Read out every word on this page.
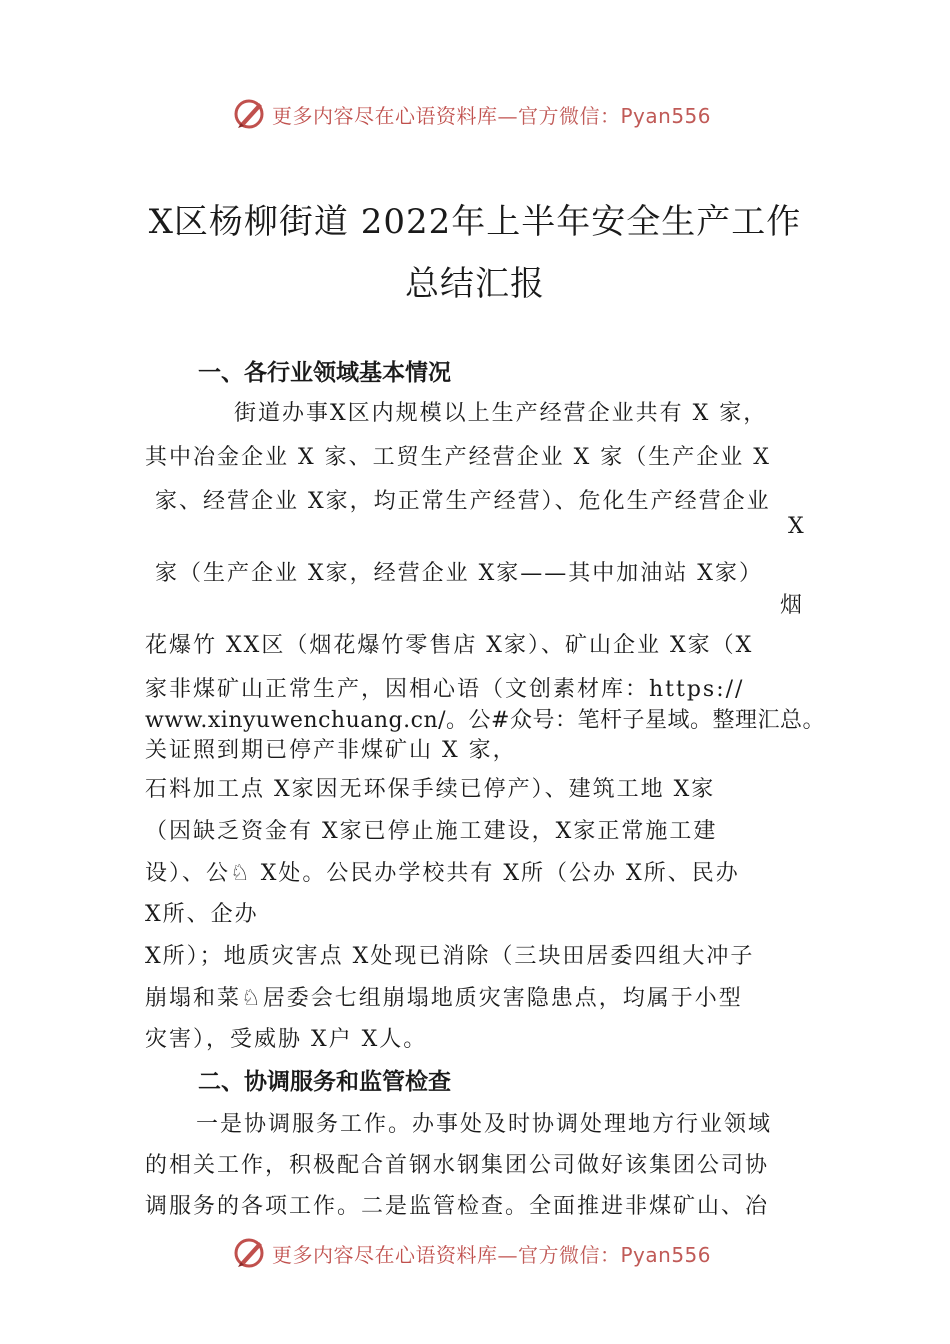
更多内容尽在心语资料库—官方微信：Pyan556
X区杨柳街道 2022年上半年安全生产工作
总结汇报
一、各行业领域基本情况
街道办事X区内规模以上生产经营企业共有 X 家，
其中冶金企业 X 家、工贸生产经营企业 X 家（生产企业 X
家、经营企业 X家，均正常生产经营）、危化生产经营企业
X
家（生产企业 X家，经营企业 X家——其中加油站 X家）
烟
花爆竹 XX区（烟花爆竹零售店 X家）、矿山企业 X家（X
家非煤矿山正常生产，因相心语（文创素材库：https://
www.xinyuwenchuang.cn/。公#众号：笔杆子星域。整理汇总。
关证照到期已停产非煤矿山 X 家，
石料加工点 X家因无环保手续已停产）、建筑工地 X家
（因缺乏资金有 X家已停止施工建设，X家正常施工建
设）、公♘ X处。公民办学校共有 X所（公办 X所、民办
X所、企办
X所）；地质灾害点 X处现已消除（三块田居委四组大冲子
崩塌和菜♘居委会七组崩塌地质灾害隐患点，均属于小型
灾害），受威胁 X户 X人。
二、协调服务和监管检查
一是协调服务工作。办事处及时协调处理地方行业领域
的相关工作，积极配合首钢水钢集团公司做好该集团公司协
调服务的各项工作。二是监管检查。全面推进非煤矿山、冶
更多内容尽在心语资料库—官方微信：Pyan556
